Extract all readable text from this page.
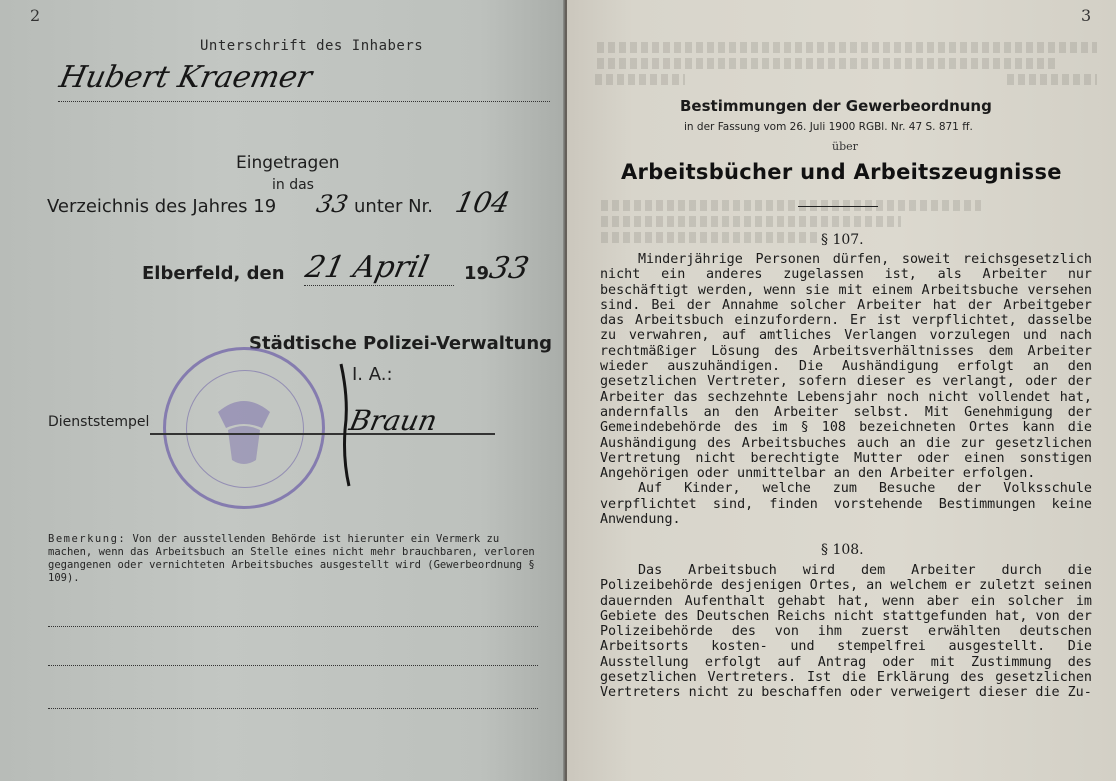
2
Unterschrift des Inhabers
Hubert Kraemer
Eingetragen
in das
Verzeichnis des Jahres 19 33 unter Nr. 104
Elberfeld, den 21 April 19
33
Städtische Polizei-Verwaltung
I. A.:
Dienststempel	Braun
Bemerkung: Von der ausstellenden Behörde ist hierunter ein Vermerk zu machen, wenn das Arbeitsbuch an Stelle eines nicht mehr brauchbaren, verloren gegangenen oder vernichteten Arbeitsbuches ausgestellt wird (Gewerbeordnung § 109).
3
Bestimmungen der Gewerbeordnung
in der Fassung vom 26. Juli 1900 RGBl. Nr. 47 S. 871 ff.
über
Arbeitsbücher und Arbeitszeugnisse
§ 107.

Minderjährige Personen dürfen, soweit reichsgesetzlich nicht ein anderes zugelassen ist, als Arbeiter nur beschäftigt werden, wenn sie mit einem Arbeitsbuche versehen sind. Bei der Annahme solcher Arbeiter hat der Arbeitgeber das Arbeitsbuch einzufordern. Er ist verpflichtet, dasselbe zu verwahren, auf amtliches Verlangen vorzulegen und nach rechtmäßiger Lösung des Arbeitsverhältnisses dem Arbeiter wieder auszuhändigen. Die Aushändigung erfolgt an den gesetzlichen Vertreter, sofern dieser es verlangt, oder der Arbeiter das sechzehnte Lebensjahr noch nicht vollendet hat, andernfalls an den Arbeiter selbst. Mit Genehmigung der Gemeindebehörde des im § 108 bezeichneten Ortes kann die Aushändigung des Arbeitsbuches auch an die zur gesetzlichen Vertretung nicht berechtigte Mutter oder einen sonstigen Angehörigen oder unmittelbar an den Arbeiter erfolgen.

Auf Kinder, welche zum Besuche der Volksschule verpflichtet sind, finden vorstehende Bestimmungen keine Anwendung.

§ 108.

Das Arbeitsbuch wird dem Arbeiter durch die Polizeibehörde desjenigen Ortes, an welchem er zuletzt seinen dauernden Aufenthalt gehabt hat, wenn aber ein solcher im Gebiete des Deutschen Reichs nicht stattgefunden hat, von der Polizeibehörde des von ihm zuerst erwählten deutschen Arbeitsorts kosten- und stempelfrei ausgestellt. Die Ausstellung erfolgt auf Antrag oder mit Zustimmung des gesetzlichen Vertreters. Ist die Erklärung des gesetzlichen Vertreters nicht zu beschaffen oder verweigert dieser die Zu-
